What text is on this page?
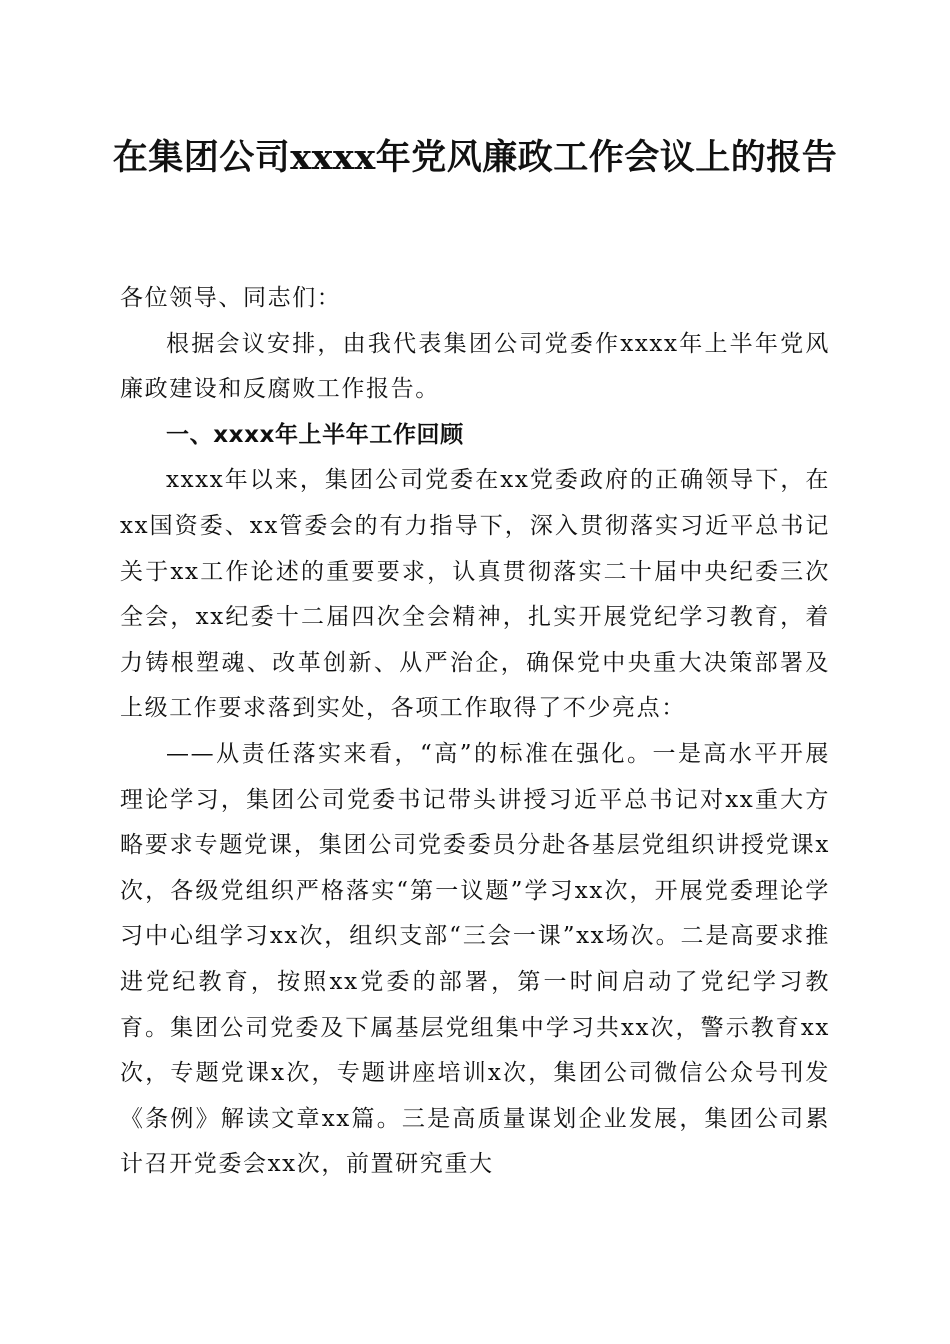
在集团公司xxxx年党风廉政工作会议上的报告

各位领导、同志们：

根据会议安排，由我代表集团公司党委作xxxx年上半年党风廉政建设和反腐败工作报告。

一、xxxx年上半年工作回顾

xxxx年以来，集团公司党委在xx党委政府的正确领导下，在xx国资委、xx管委会的有力指导下，深入贯彻落实习近平总书记关于xx工作论述的重要要求，认真贯彻落实二十届中央纪委三次全会，xx纪委十二届四次全会精神，扎实开展党纪学习教育，着力铸根塑魂、改革创新、从严治企，确保党中央重大决策部署及上级工作要求落到实处，各项工作取得了不少亮点：

——从责任落实来看，“高”的标准在强化。一是高水平开展理论学习，集团公司党委书记带头讲授习近平总书记对xx重大方略要求专题党课，集团公司党委委员分赴各基层党组织讲授党课x次，各级党组织严格落实“第一议题”学习xx次，开展党委理论学习中心组学习xx次，组织支部“三会一课”xx场次。二是高要求推进党纪教育，按照xx党委的部署，第一时间启动了党纪学习教育。集团公司党委及下属基层党组集中学习共xx次，警示教育xx次，专题党课x次，专题讲座培训x次，集团公司微信公众号刊发《条例》解读文章xx篇。三是高质量谋划企业发展，集团公司累计召开党委会xx次，前置研究重大
